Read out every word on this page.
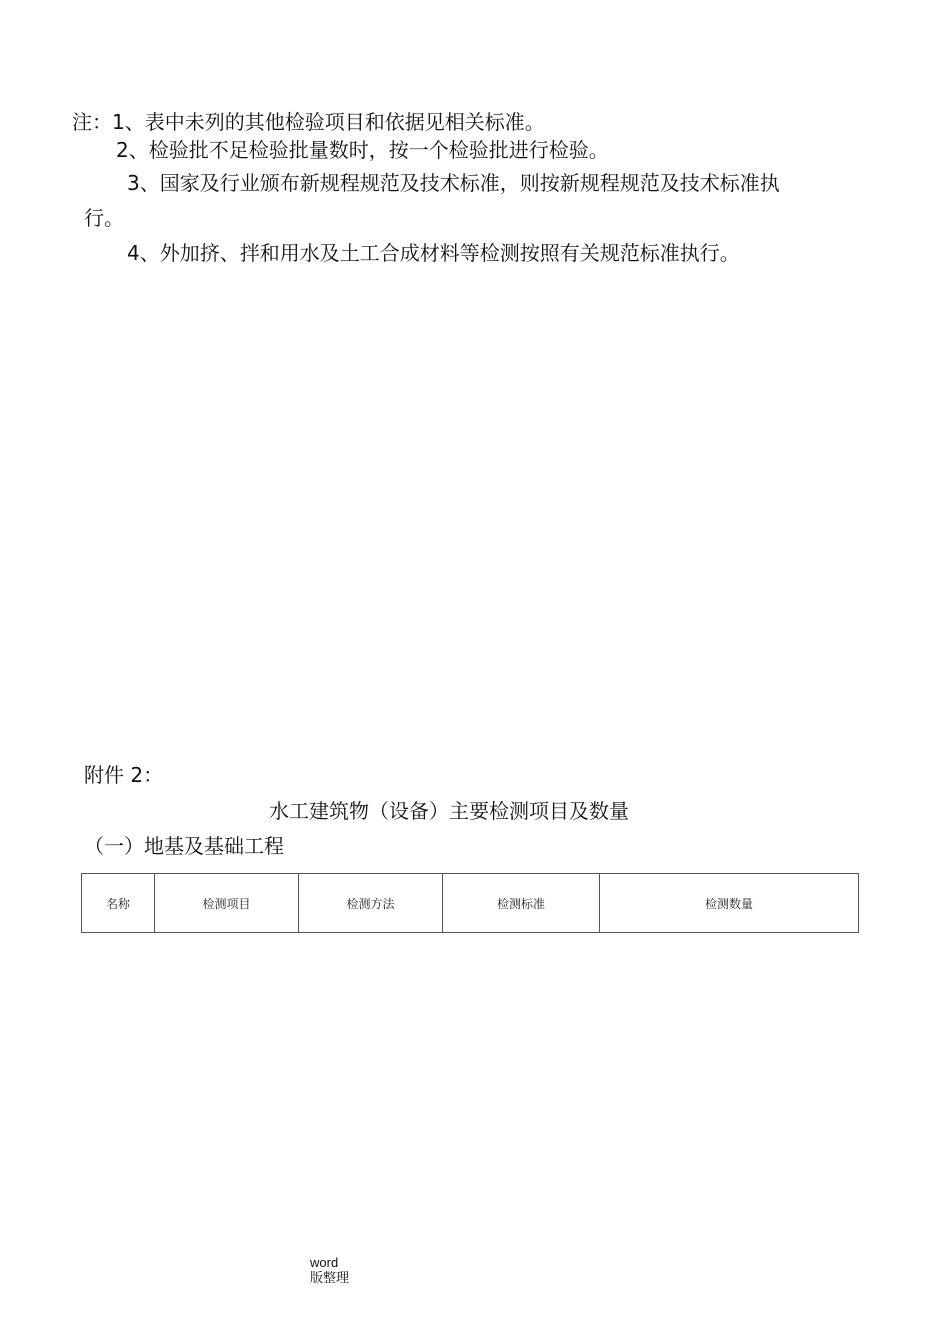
注：1、表中未列的其他检验项目和依据见相关标准。
2、检验批不足检验批量数时，按一个检验批进行检验。
3、国家及行业颁布新规程规范及技术标准，则按新规程规范及技术标准执
行。
4、外加挤、拌和用水及土工合成材料等检测按照有关规范标准执行。
附件 2：
水工建筑物（设备）主要检测项目及数量
（一）地基及基础工程
名称	检测项目	检测方法	检测标准	检测数量
word
版整理
